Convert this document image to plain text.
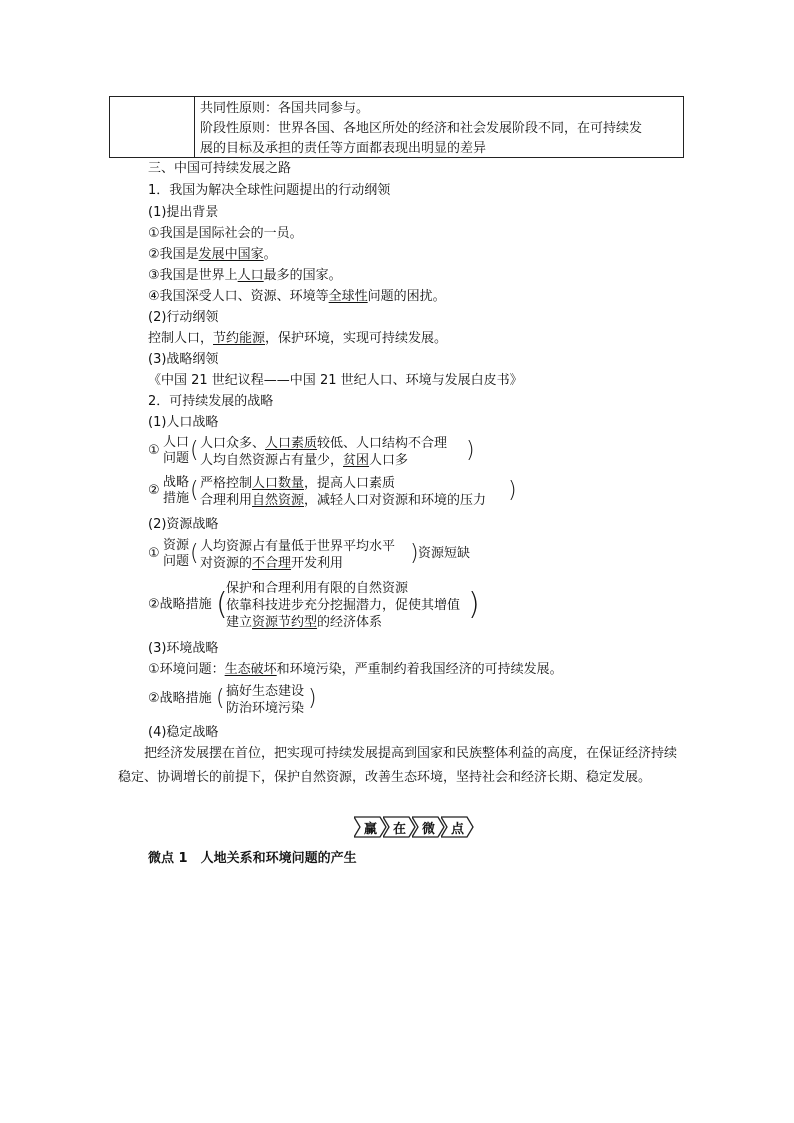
共同性原则：各国共同参与。
阶段性原则：世界各国、各地区所处的经济和社会发展阶段不同，在可持续发
展的目标及承担的责任等方面都表现出明显的差异
三、中国可持续发展之路
1．我国为解决全球性问题提出的行动纲领
(1)提出背景
①我国是国际社会的一员。
②我国是发展中国家。
③我国是世界上人口最多的国家。
④我国深受人口、资源、环境等全球性问题的困扰。
(2)行动纲领
控制人口，节约能源，保护环境，实现可持续发展。
(3)战略纲领
《中国 21 世纪议程——中国 21 世纪人口、环境与发展白皮书》
2．可持续发展的战略
(1)人口战略
①
人口
问题 ( 人口众多、人口素质较低、人口结构不合理
人均自然资源占有量少，贫困人口多	)
②
战略
措施 ( 严格控制人口数量，提高人口素质
合理利用自然资源，减轻人口对资源和环境的压力 )
(2)资源战略
①
资源
问题 ( 人均资源占有量低于世界平均水平
对资源的不合理开发利用	) 资源短缺
②战略措施 (
保护和合理利用有限的自然资源
依靠科技进步充分挖掘潜力，促使其增值
建立资源节约型的经济体系
)
(3)环境战略
①环境问题：生态破坏和环境污染，严重制约着我国经济的可持续发展。
②战略措施 ( 搞好生态建设
防治环境污染 )
(4)稳定战略
把经济发展摆在首位，把实现可持续发展提高到国家和民族整体利益的高度，在保证经济持续稳定、协调增长的前提下，保护自然资源，改善生态环境，坚持社会和经济长期、稳定发展。
赢 在 微 点
微点 1　人地关系和环境问题的产生
